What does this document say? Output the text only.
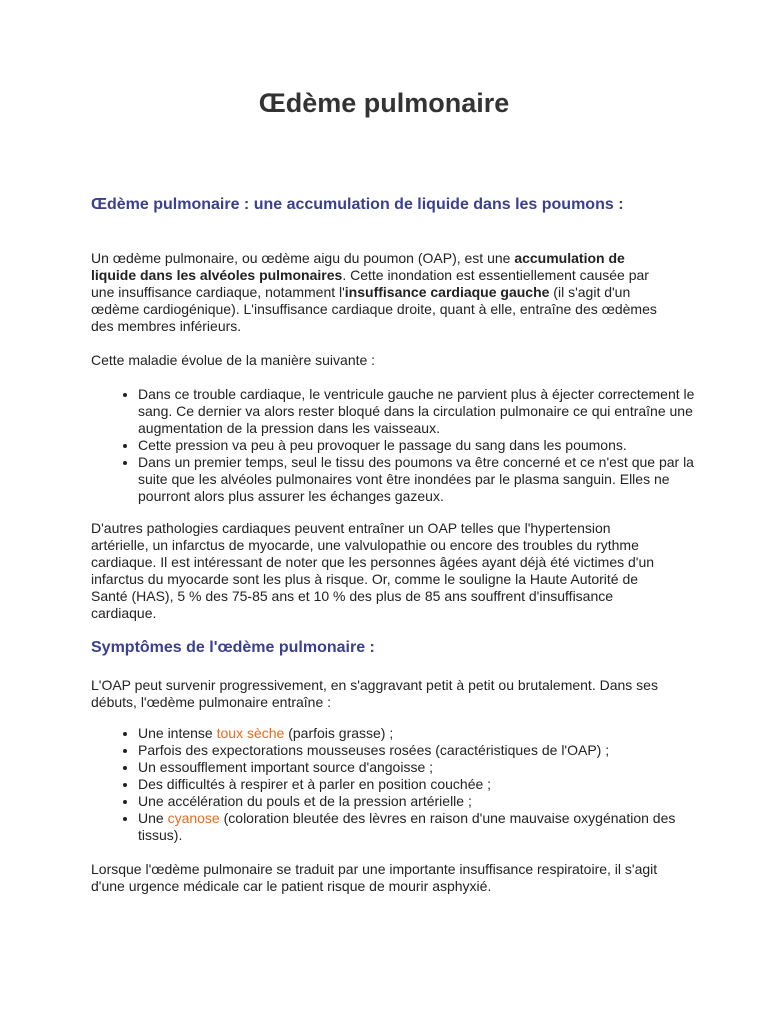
Œdème pulmonaire
Œdème pulmonaire : une accumulation de liquide dans les poumons :

Un œdème pulmonaire, ou œdème aigu du poumon (OAP), est une accumulation de liquide dans les alvéoles pulmonaires. Cette inondation est essentiellement causée par une insuffisance cardiaque, notamment l'insuffisance cardiaque gauche (il s'agit d'un œdème cardiogénique). L'insuffisance cardiaque droite, quant à elle, entraîne des œdèmes des membres inférieurs.

Cette maladie évolue de la manière suivante :

• Dans ce trouble cardiaque, le ventricule gauche ne parvient plus à éjecter correctement le sang. Ce dernier va alors rester bloqué dans la circulation pulmonaire ce qui entraîne une augmentation de la pression dans les vaisseaux.
• Cette pression va peu à peu provoquer le passage du sang dans les poumons.
• Dans un premier temps, seul le tissu des poumons va être concerné et ce n'est que par la suite que les alvéoles pulmonaires vont être inondées par le plasma sanguin. Elles ne pourront alors plus assurer les échanges gazeux.

D'autres pathologies cardiaques peuvent entraîner un OAP telles que l'hypertension artérielle, un infarctus de myocarde, une valvulopathie ou encore des troubles du rythme cardiaque. Il est intéressant de noter que les personnes âgées ayant déjà été victimes d'un infarctus du myocarde sont les plus à risque. Or, comme le souligne la Haute Autorité de Santé (HAS), 5 % des 75-85 ans et 10 % des plus de 85 ans souffrent d'insuffisance cardiaque.

Symptômes de l'œdème pulmonaire :

L'OAP peut survenir progressivement, en s'aggravant petit à petit ou brutalement. Dans ses débuts, l'œdème pulmonaire entraîne :

• Une intense toux sèche (parfois grasse) ;
• Parfois des expectorations mousseuses rosées (caractéristiques de l'OAP) ;
• Un essoufflement important source d'angoisse ;
• Des difficultés à respirer et à parler en position couchée ;
• Une accélération du pouls et de la pression artérielle ;
• Une cyanose (coloration bleutée des lèvres en raison d'une mauvaise oxygénation des tissus).

Lorsque l'œdème pulmonaire se traduit par une importante insuffisance respiratoire, il s'agit d'une urgence médicale car le patient risque de mourir asphyxié.
